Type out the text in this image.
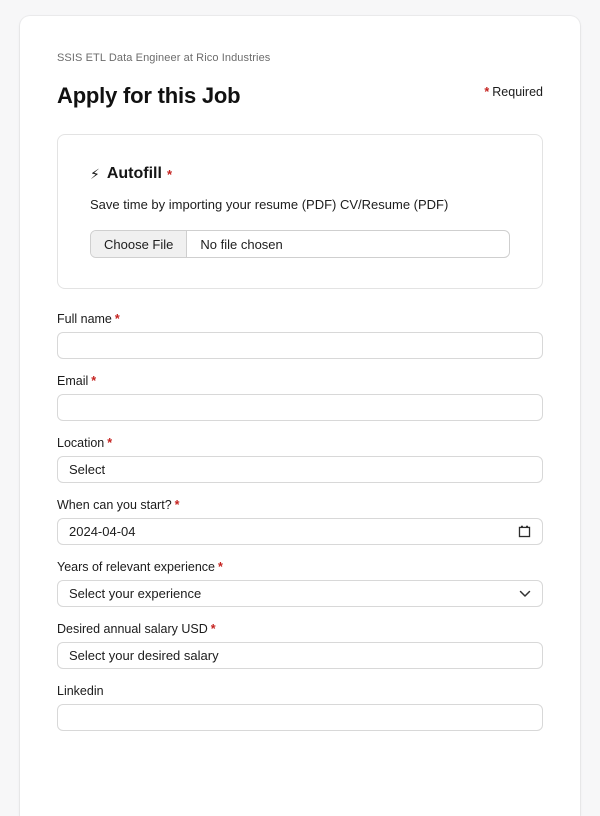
SSIS ETL Data Engineer at Rico Industries
Apply for this Job	* Required
⚡ Autofill *
Save time by importing your resume (PDF) CV/Resume (PDF)
Choose File	No file chosen
Full name *
Email *
Location *
Select
When can you start? *
2024-04-04
Years of relevant experience *
Select your experience
Desired annual salary USD *
Select your desired salary
Linkedin
